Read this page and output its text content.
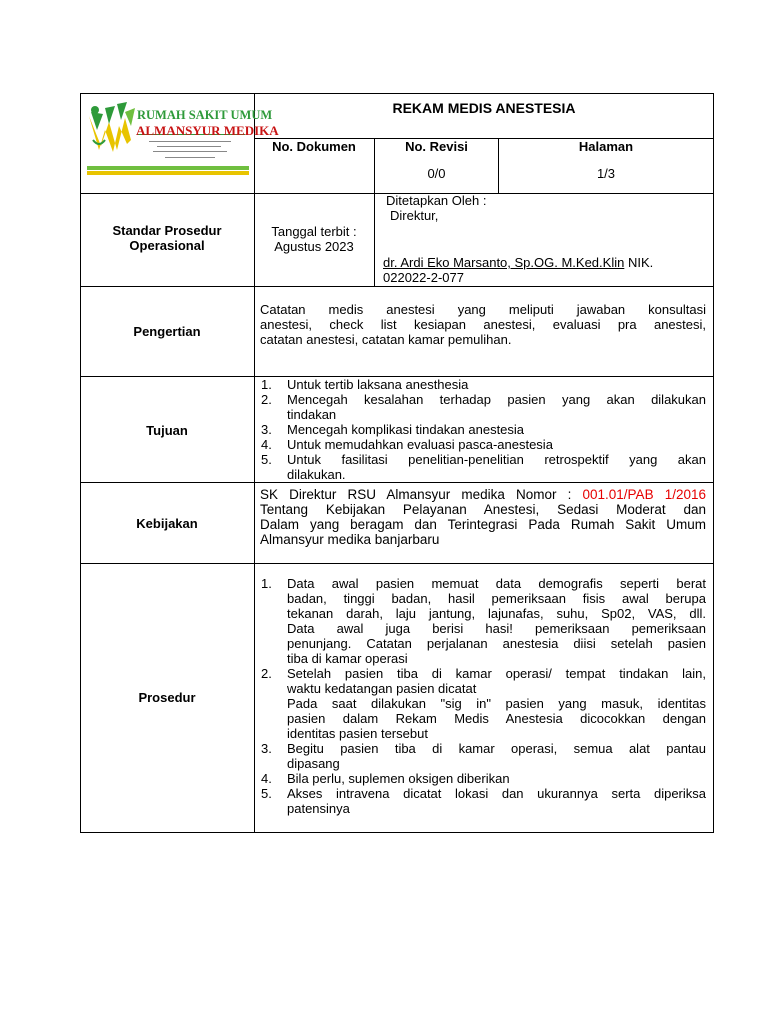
RUMAH SAKIT UMUM
ALMANSYUR MEDIKA
REKAM MEDIS ANESTESIA
No. Dokumen	No. Revisi
0/0
Halaman
1/3
Standar Prosedur
Operasional
Tanggal terbit :
Agustus 2023
Ditetapkan Oleh :
Direktur,
dr. Ardi Eko Marsanto, Sp.OG. M.Ked.Klin NIK.
022022-2-077
Pengertian
Catatan medis anestesi yang meliputi jawaban konsultasi
anestesi, check list kesiapan anestesi, evaluasi pra anestesi,
catatan anestesi, catatan kamar pemulihan.
Tujuan
1. Untuk tertib laksana anesthesia
2. Mencegah kesalahan terhadap pasien yang akan dilakukan
tindakan
3. Mencegah komplikasi tindakan anestesia
4. Untuk memudahkan evaluasi pasca-anestesia
5. Untuk fasilitasi penelitian-penelitian retrospektif yang akan
dilakukan.
Kebijakan
SK Direktur RSU Almansyur medika Nomor : 001.01/PAB 1/2016
Tentang Kebijakan Pelayanan Anestesi, Sedasi Moderat dan
Dalam yang beragam dan Terintegrasi Pada Rumah Sakit Umum
Almansyur medika banjarbaru
Prosedur
1. Data awal pasien memuat data demografis seperti berat
badan, tinggi badan, hasil pemeriksaan fisis awal berupa
tekanan darah, laju jantung, lajunafas, suhu, Sp02, VAS, dll.
Data awal juga berisi hasi! pemeriksaan pemeriksaan
penunjang. Catatan perjalanan anestesia diisi setelah pasien
tiba di kamar operasi
2. Setelah pasien tiba di kamar operasi/ tempat tindakan lain,
waktu kedatangan pasien dicatat
Pada saat dilakukan "sig in" pasien yang masuk, identitas
pasien dalam Rekam Medis Anestesia dicocokkan dengan
identitas pasien tersebut
3. Begitu pasien tiba di kamar operasi, semua alat pantau
dipasang
4. Bila perlu, suplemen oksigen diberikan
5. Akses intravena dicatat lokasi dan ukurannya serta diperiksa
patensinya
